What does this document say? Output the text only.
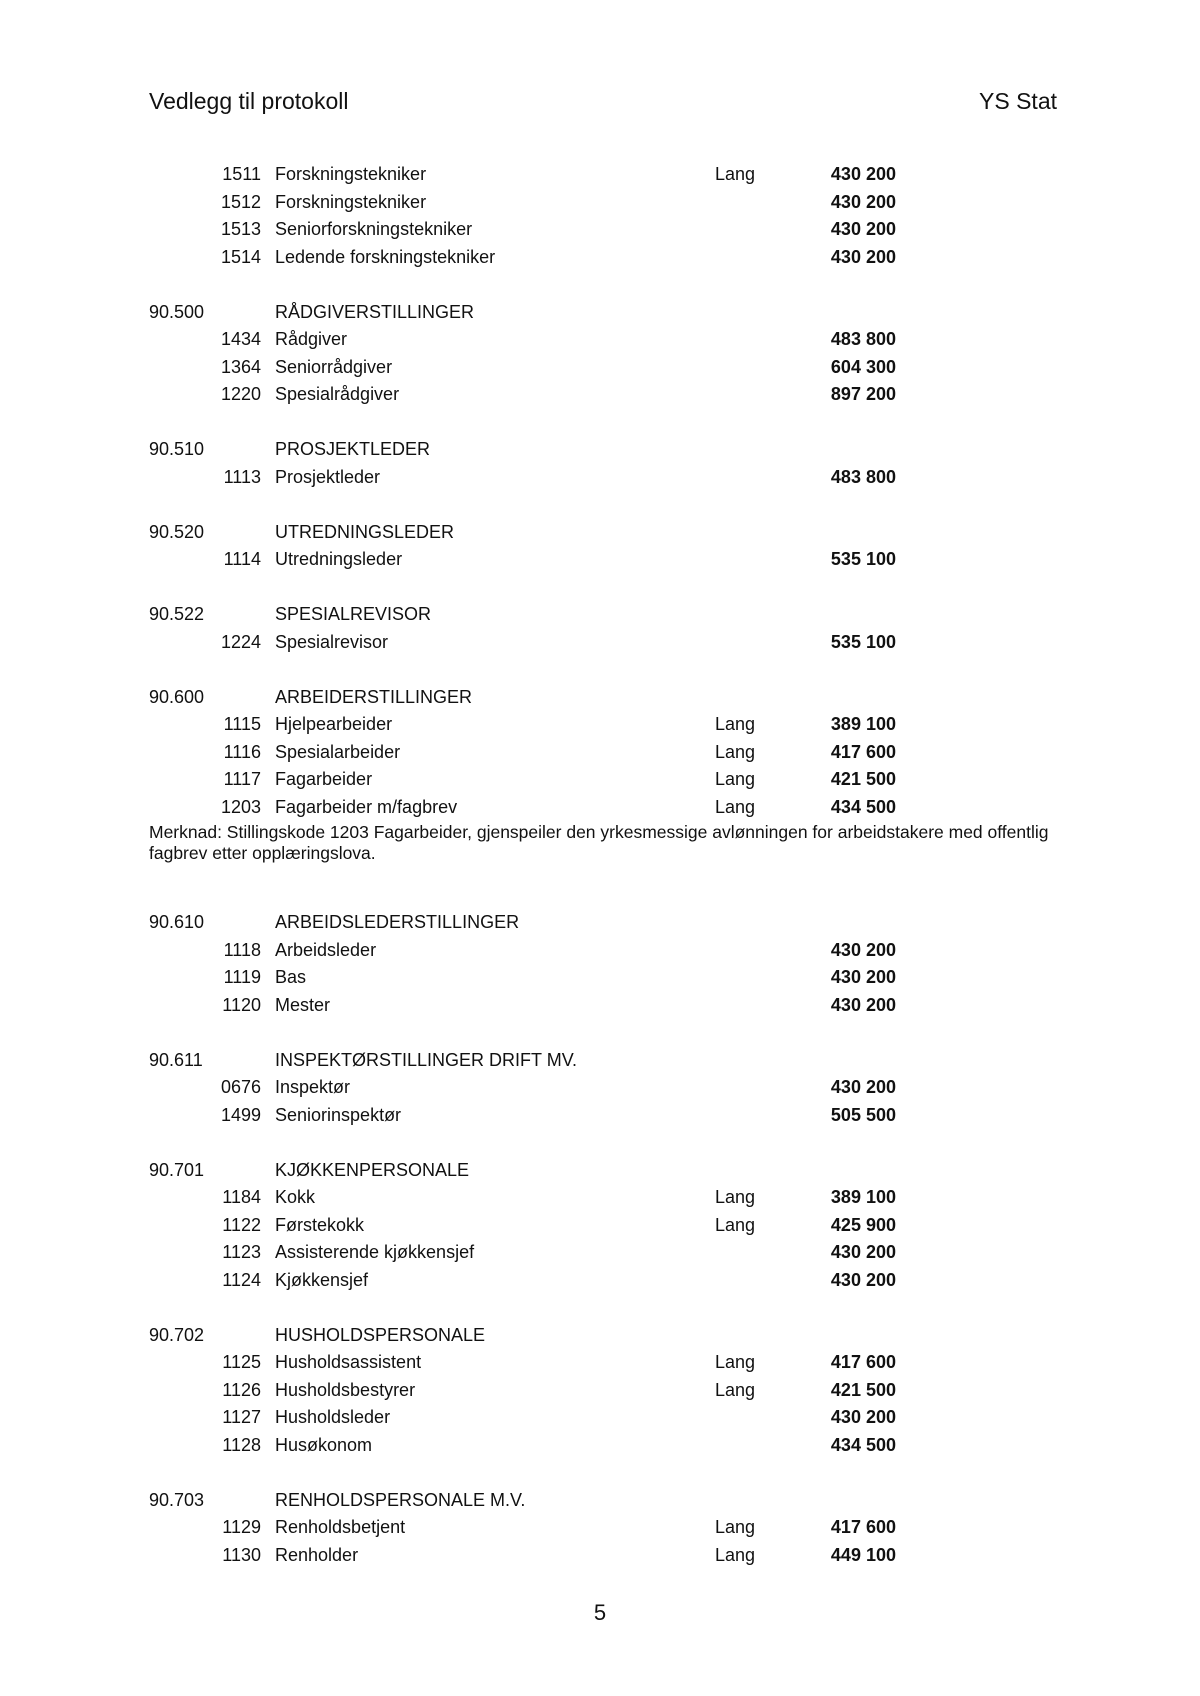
Vedlegg til protokoll	YS Stat
1511 Forskningstekniker	Lang	430 200
1512 Forskningstekniker	430 200
1513 Seniorforskningstekniker	430 200
1514 Ledende forskningstekniker	430 200
90.500	RÅDGIVERSTILLINGER
1434 Rådgiver	483 800
1364 Seniorrådgiver	604 300
1220 Spesialrådgiver	897 200
90.510	PROSJEKTLEDER
1113 Prosjektleder	483 800
90.520	UTREDNINGSLEDER
1114 Utredningsleder	535 100
90.522	SPESIALREVISOR
1224 Spesialrevisor	535 100
90.600	ARBEIDERSTILLINGER
1115 Hjelpearbeider	Lang	389 100
1116 Spesialarbeider	Lang	417 600
1117 Fagarbeider	Lang	421 500
1203 Fagarbeider m/fagbrev	Lang	434 500
Merknad: Stillingskode 1203 Fagarbeider, gjenspeiler den yrkesmessige avlønningen for arbeidstakere med offentlig fagbrev etter opplæringslova.
90.610	ARBEIDSLEDERSTILLINGER
1118 Arbeidsleder	430 200
1119 Bas	430 200
1120 Mester	430 200
90.611	INSPEKTØRSTILLINGER DRIFT MV.
0676 Inspektør	430 200
1499 Seniorinspektør	505 500
90.701	KJØKKENPERSONALE
1184 Kokk	Lang	389 100
1122 Førstekokk	Lang	425 900
1123 Assisterende kjøkkensjef	430 200
1124 Kjøkkensjef	430 200
90.702	HUSHOLDSPERSONALE
1125 Husholdsassistent	Lang	417 600
1126 Husholdsbestyrer	Lang	421 500
1127 Husholdsleder	430 200
1128 Husøkonom	434 500
90.703	RENHOLDSPERSONALE M.V.
1129 Renholdsbetjent	Lang	417 600
1130 Renholder	Lang	449 100
5
